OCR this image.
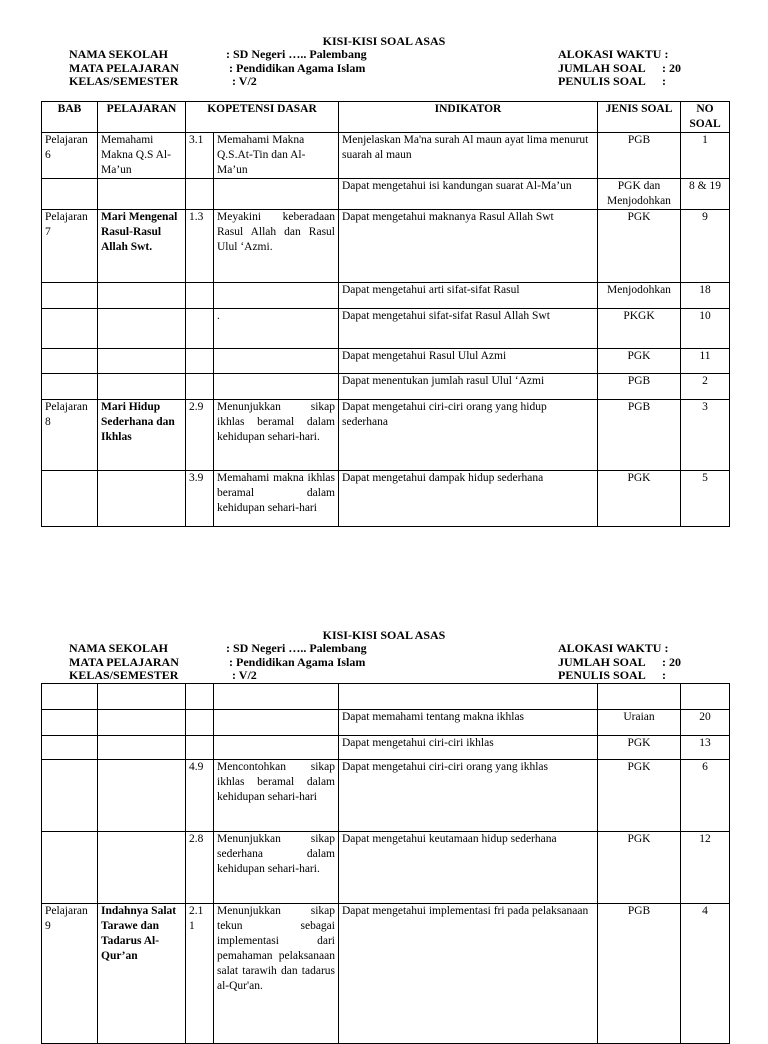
KISI-KISI SOAL ASAS
NAMA SEKOLAH	: SD Negeri ….. Palembang	ALOKASI WAKTU :
MATA PELAJARAN	: Pendidikan Agama Islam	JUMLAH SOAL : 20
KELAS/SEMESTER	: V/2	PENULIS SOAL :
BAB	PELAJARAN	KOPETENSI DASAR		INDIKATOR	JENIS SOAL	NO
SOAL

Pelajaran 6	Memahami Makna Q.S Al-Ma’un	3.1	Memahami Makna Q.S.At-Tin dan Al-Ma’un	Menjelaskan Ma'na surah Al maun ayat lima menurut suarah al maun	PGB	1
				Dapat mengetahui isi kandungan suarat Al-Ma’un	PGK dan Menjodohkan	8 & 19
Pelajaran 7	Mari Mengenal Rasul-Rasul Allah Swt.	1.3	Meyakini keberadaan Rasul Allah dan Rasul Ulul ‘Azmi.	Dapat mengetahui maknanya Rasul Allah Swt	PGK	9
				Dapat mengetahui arti sifat-sifat Rasul	Menjodohkan	18
			.	Dapat mengetahui sifat-sifat Rasul Allah Swt	PKGK	10
				Dapat mengetahui Rasul Ulul Azmi	PGK	11
				Dapat menentukan jumlah rasul Ulul ‘Azmi	PGB	2
Pelajaran 8	Mari Hidup Sederhana dan Ikhlas	2.9	Menunjukkan sikap ikhlas beramal dalam kehidupan sehari-hari.	Dapat mengetahui ciri-ciri orang yang hidup sederhana	PGB	3
		3.9	Memahami makna ikhlas beramal dalam kehidupan sehari-hari	Dapat mengetahui dampak hidup sederhana	PGK	5
KISI-KISI SOAL ASAS
NAMA SEKOLAH	: SD Negeri ….. Palembang	ALOKASI WAKTU :
MATA PELAJARAN	: Pendidikan Agama Islam	JUMLAH SOAL : 20
KELAS/SEMESTER	: V/2	PENULIS SOAL :

				Dapat memahami tentang makna ikhlas	Uraian	20
				Dapat mengetahui ciri-ciri ikhlas	PGK	13
		4.9	Mencontohkan sikap ikhlas beramal dalam kehidupan sehari-hari	Dapat mengetahui ciri-ciri orang yang ikhlas	PGK	6
		2.8	Menunjukkan sikap sederhana dalam kehidupan sehari-hari.	Dapat mengetahui keutamaan hidup sederhana	PGK	12
Pelajaran 9	Indahnya Salat Tarawe dan Tadarus Al-Qur’an	2.1 1	Menunjukkan sikap tekun sebagai implementasi dari pemahaman pelaksanaan salat tarawih dan tadarus al-Qur'an.	Dapat mengetahui implementasi fri pada pelaksanaan	PGB	4
